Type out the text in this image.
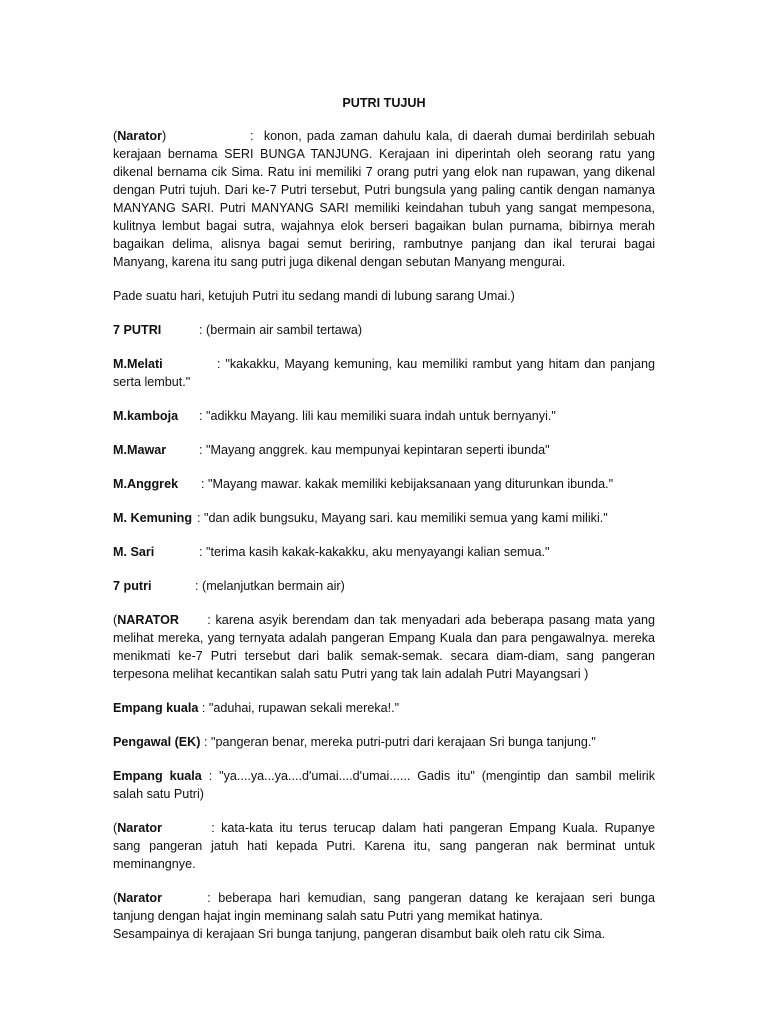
PUTRI TUJUH

(Narator)	: konon, pada zaman dahulu kala, di daerah dumai berdirilah sebuah kerajaan bernama SERI BUNGA TANJUNG. Kerajaan ini diperintah oleh seorang ratu yang dikenal bernama cik Sima. Ratu ini memiliki 7 orang putri yang elok nan rupawan, yang dikenal dengan Putri tujuh. Dari ke-7 Putri tersebut, Putri bungsula yang paling cantik dengan namanya MANYANG SARI. Putri MANYANG SARI memiliki keindahan tubuh yang sangat mempesona, kulitnya lembut bagai sutra, wajahnya elok berseri bagaikan bulan purnama, bibirnya merah bagaikan delima, alisnya bagai semut beriring, rambutnye panjang dan ikal terurai bagai Manyang, karena itu sang putri juga dikenal dengan sebutan Manyang mengurai.

Pade suatu hari, ketujuh Putri itu sedang mandi di lubung sarang Umai.)

7 PUTRI	: (bermain air sambil tertawa)

M.Melati	: "kakakku, Mayang kemuning, kau memiliki rambut yang hitam dan panjang serta lembut."

M.kamboja : "adikku Mayang. lili kau memiliki suara indah untuk bernyanyi."

M.Mawar	: "Mayang anggrek. kau mempunyai kepintaran seperti ibunda"

M.Anggrek : "Mayang mawar. kakak memiliki kebijaksanaan yang diturunkan ibunda."

M. Kemuning : "dan adik bungsuku, Mayang sari. kau memiliki semua yang kami miliki."

M. Sari	: "terima kasih kakak-kakakku, aku menyayangi kalian semua."

7 putri	: (melanjutkan bermain air)

(NARATOR : karena asyik berendam dan tak menyadari ada beberapa pasang mata yang melihat mereka, yang ternyata adalah pangeran Empang Kuala dan para pengawalnya. mereka menikmati ke-7 Putri tersebut dari balik semak-semak. secara diam-diam, sang pangeran terpesona melihat kecantikan salah satu Putri yang tak lain adalah Putri Mayangsari )

Empang kuala : "aduhai, rupawan sekali mereka!."

Pengawal (EK) : "pangeran benar, mereka putri-putri dari kerajaan Sri bunga tanjung."

Empang kuala : "ya....ya...ya....d'umai....d'umai...... Gadis itu" (mengintip dan sambil melirik salah satu Putri)

(Narator	: kata-kata itu terus terucap dalam hati pangeran Empang Kuala. Rupanye sang pangeran jatuh hati kepada Putri. Karena itu, sang pangeran nak berminat untuk meminangnye.

(Narator	: beberapa hari kemudian, sang pangeran datang ke kerajaan seri bunga tanjung dengan hajat ingin meminang salah satu Putri yang memikat hatinya.

Sesampainya di kerajaan Sri bunga tanjung, pangeran disambut baik oleh ratu cik Sima.
